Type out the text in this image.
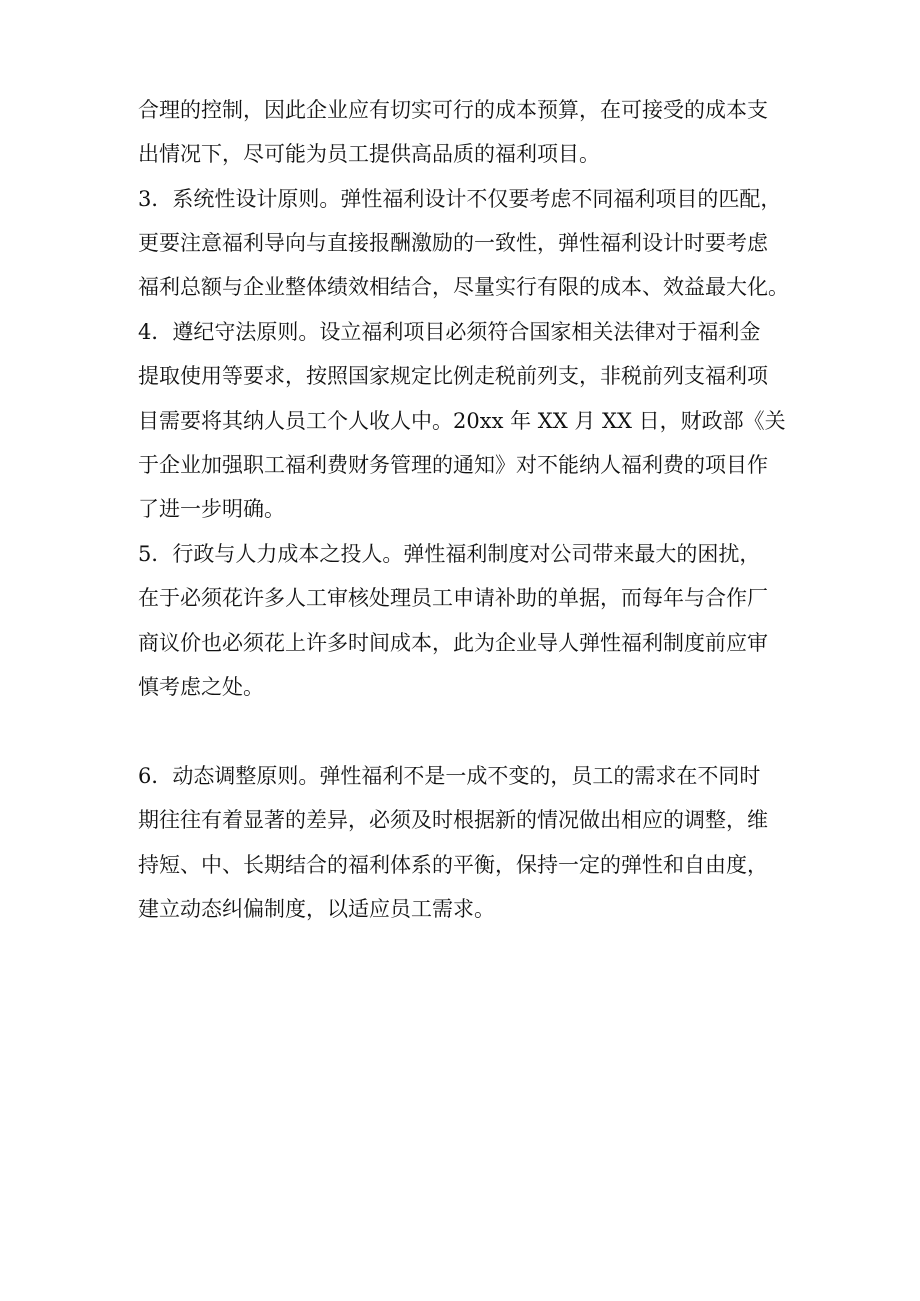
合理的控制，因此企业应有切实可行的成本预算，在可接受的成本支
出情况下，尽可能为员工提供高品质的福利项目。
3．系统性设计原则。弹性福利设计不仅要考虑不同福利项目的匹配，
更要注意福利导向与直接报酬激励的一致性，弹性福利设计时要考虑
福利总额与企业整体绩效相结合，尽量实行有限的成本、效益最大化。
4．遵纪守法原则。设立福利项目必须符合国家相关法律对于福利金
提取使用等要求，按照国家规定比例走税前列支，非税前列支福利项
目需要将其纳人员工个人收人中。20xx 年 XX 月 XX 日，财政部《关
于企业加强职工福利费财务管理的通知》对不能纳人福利费的项目作
了进一步明确。
5．行政与人力成本之投人。弹性福利制度对公司带来最大的困扰，
在于必须花许多人工审核处理员工申请补助的单据，而每年与合作厂
商议价也必须花上许多时间成本，此为企业导人弹性福利制度前应审
慎考虑之处。
6．动态调整原则。弹性福利不是一成不变的，员工的需求在不同时
期往往有着显著的差异，必须及时根据新的情况做出相应的调整，维
持短、中、长期结合的福利体系的平衡，保持一定的弹性和自由度，
建立动态纠偏制度，以适应员工需求。
